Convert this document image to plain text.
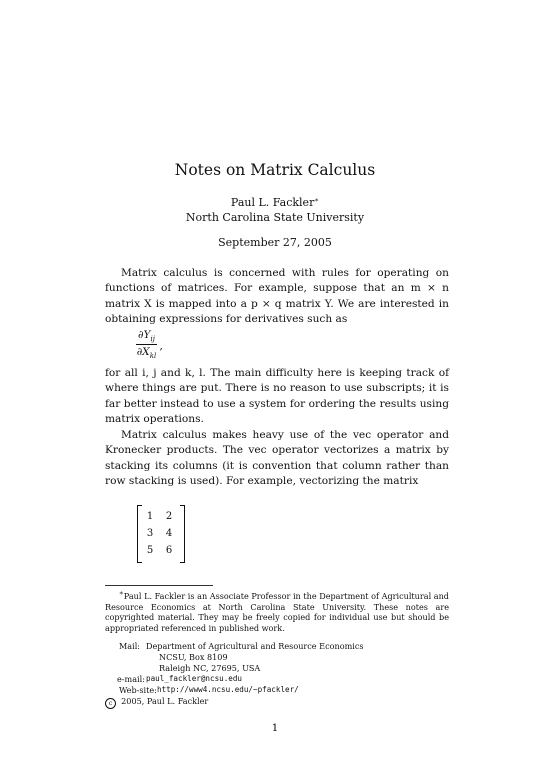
Notes on Matrix Calculus
Paul L. Fackler∗
North Carolina State University
September 27, 2005

Matrix calculus is concerned with rules for operating on functions of matrices. For example, suppose that an m × n matrix X is mapped into a p × q matrix Y. We are interested in obtaining expressions for derivatives such as

$\partial Y_{ij}$
$\partial X_{kl}$
,

for all i, j and k, l. The main difficulty here is keeping track of where things are put. There is no reason to use subscripts; it is far better instead to use a system for ordering the results using matrix operations.

Matrix calculus makes heavy use of the vec operator and Kronecker products. The vec operator vectorizes a matrix by stacking its columns (it is convention that column rather than row stacking is used). For example, vectorizing the matrix

1 2
3 4
5 6

∗Paul L. Fackler is an Associate Professor in the Department of Agricultural and Resource Economics at North Carolina State University. These notes are copyrighted material. They may be freely copied for individual use but should be appropriated referenced in published work.

Mail: Department of Agricultural and Resource Economics
NCSU, Box 8109
Raleigh NC, 27695, USA
e-mail: paul_fackler@ncsu.edu
Web-site: http://www4.ncsu.edu/~pfackler/
c 2005, Paul L. Fackler
1
